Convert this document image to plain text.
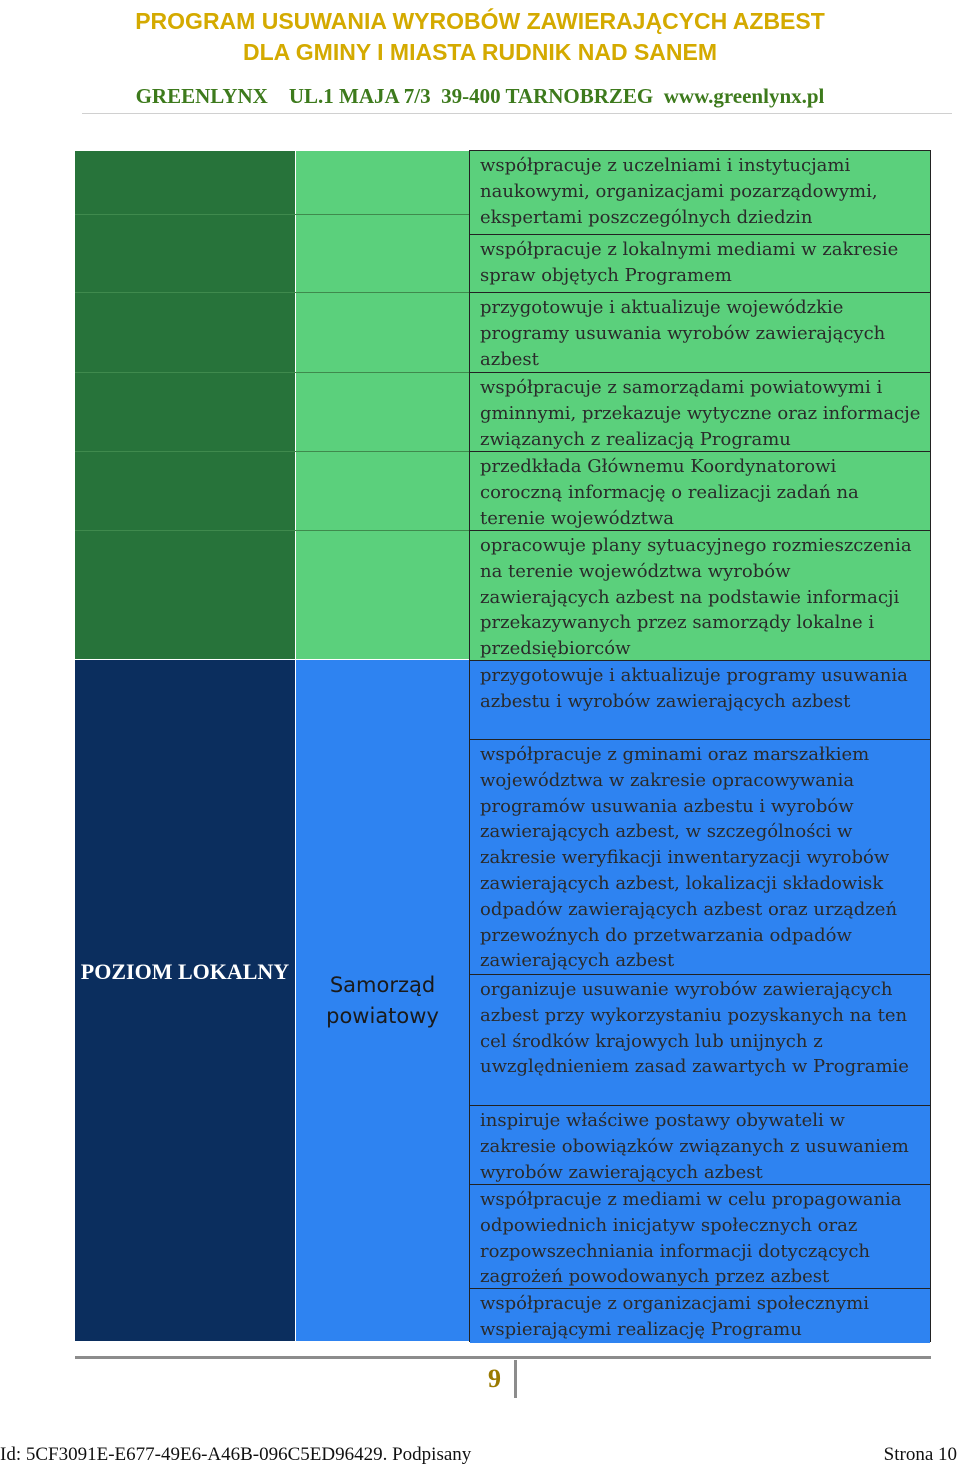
PROGRAM USUWANIA WYROBÓW ZAWIERAJĄCYCH AZBEST
DLA GMINY I MIASTA RUDNIK NAD SANEM
GREENLYNX    UL.1 MAJA 7/3  39-400 TARNOBRZEG  www.greenlynx.pl
POZIOM LOKALNY
Samorząd powiatowy
współpracuje z uczelniami i instytucjami naukowymi, organizacjami pozarządowymi, ekspertami poszczególnych dziedzin
współpracuje z lokalnymi mediami w zakresie spraw objętych Programem
przygotowuje i aktualizuje wojewódzkie programy usuwania wyrobów zawierających azbest
współpracuje z samorządami powiatowymi i gminnymi, przekazuje wytyczne oraz informacje związanych z realizacją Programu
przedkłada Głównemu Koordynatorowi coroczną informację o realizacji zadań na terenie województwa
opracowuje plany sytuacyjnego rozmieszczenia na terenie województwa wyrobów zawierających azbest na podstawie informacji przekazywanych przez samorządy lokalne i przedsiębiorców
przygotowuje i aktualizuje programy usuwania azbestu i wyrobów zawierających azbest
współpracuje z gminami oraz marszałkiem województwa w zakresie opracowywania programów usuwania azbestu i wyrobów zawierających azbest, w szczególności w zakresie weryfikacji inwentaryzacji wyrobów zawierających azbest, lokalizacji składowisk odpadów zawierających azbest oraz urządzeń przewoźnych do przetwarzania odpadów zawierających azbest
organizuje usuwanie wyrobów zawierających azbest przy wykorzystaniu pozyskanych na ten cel środków krajowych lub unijnych z uwzględnieniem zasad zawartych w Programie
inspiruje właściwe postawy obywateli w zakresie obowiązków związanych z usuwaniem wyrobów zawierających azbest
współpracuje z mediami w celu propagowania odpowiednich inicjatyw społecznych oraz rozpowszechniania informacji dotyczących zagrożeń powodowanych przez azbest
współpracuje z organizacjami społecznymi wspierającymi realizację Programu
9
Id: 5CF3091E-E677-49E6-A46B-096C5ED96429. Podpisany	Strona 10
